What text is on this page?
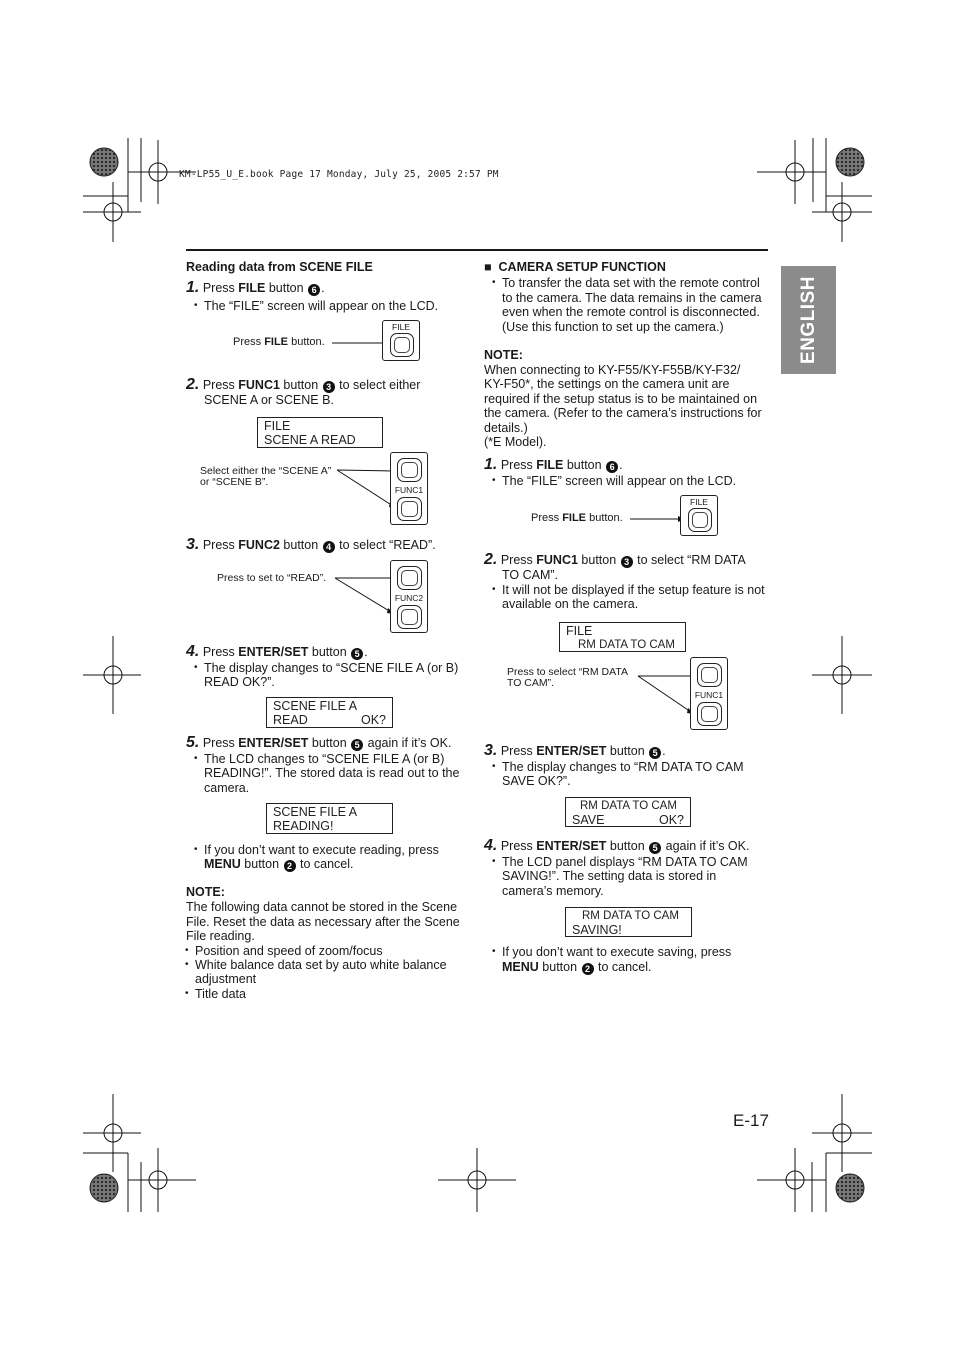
KM-LP55_U_E.book Page 17 Monday, July 25, 2005 2:57 PM
ENGLISH
Reading data from SCENE FILE
1. Press FILE button 6 .
• The “FILE” screen will appear on the LCD.
Press FILE button.
FILE
2. Press FUNC1 button 3 to select either
SCENE A or SCENE B.
FILE
SCENE A READ
Select either the “SCENE A”
or “SCENE B”.
FUNC1
3. Press FUNC2 button 4 to select “READ”.
Press to set to “READ”.
FUNC2
4. Press ENTER/SET button 5 .
• The display changes to “SCENE FILE A (or B)
READ OK?”.
SCENE FILE A
READ	OK?
5. Press ENTER/SET button 5 again if it’s OK.
• The LCD changes to “SCENE FILE A (or B)
READING!”. The stored data is read out to the
camera.
SCENE FILE A
READING!
• If you don’t want to execute reading, press
MENU button 2 to cancel.
NOTE:
The following data cannot be stored in the Scene
File. Reset the data as necessary after the Scene
File reading.
• Position and speed of zoom/focus
• White balance data set by auto white balance
adjustment
• Title data
■ CAMERA SETUP FUNCTION
• To transfer the data set with the remote control
to the camera. The data remains in the camera
even when the remote control is disconnected.
(Use this function to set up the camera.)
NOTE:
When connecting to KY-F55/KY-F55B/KY-F32/
KY-F50*, the settings on the camera unit are
required if the setup status is to be maintained on
the camera. (Refer to the camera’s instructions for
details.)
(*E Model).
1. Press FILE button 6 .
• The “FILE” screen will appear on the LCD.
Press FILE button.
FILE
2. Press FUNC1 button 3 to select “RM DATA
TO CAM”.
• It will not be displayed if the setup feature is not
available on the camera.
FILE
RM DATA TO CAM
Press to select “RM DATA
TO CAM”.
FUNC1
3. Press ENTER/SET button 5 .
• The display changes to “RM DATA TO CAM
SAVE OK?”.
RM DATA TO CAM
SAVE	OK?
4. Press ENTER/SET button 5 again if it’s OK.
• The LCD panel displays “RM DATA TO CAM
SAVING!”. The setting data is stored in
camera’s memory.
RM DATA TO CAM
SAVING!
• If you don’t want to execute saving, press
MENU button 2 to cancel.
E-17
